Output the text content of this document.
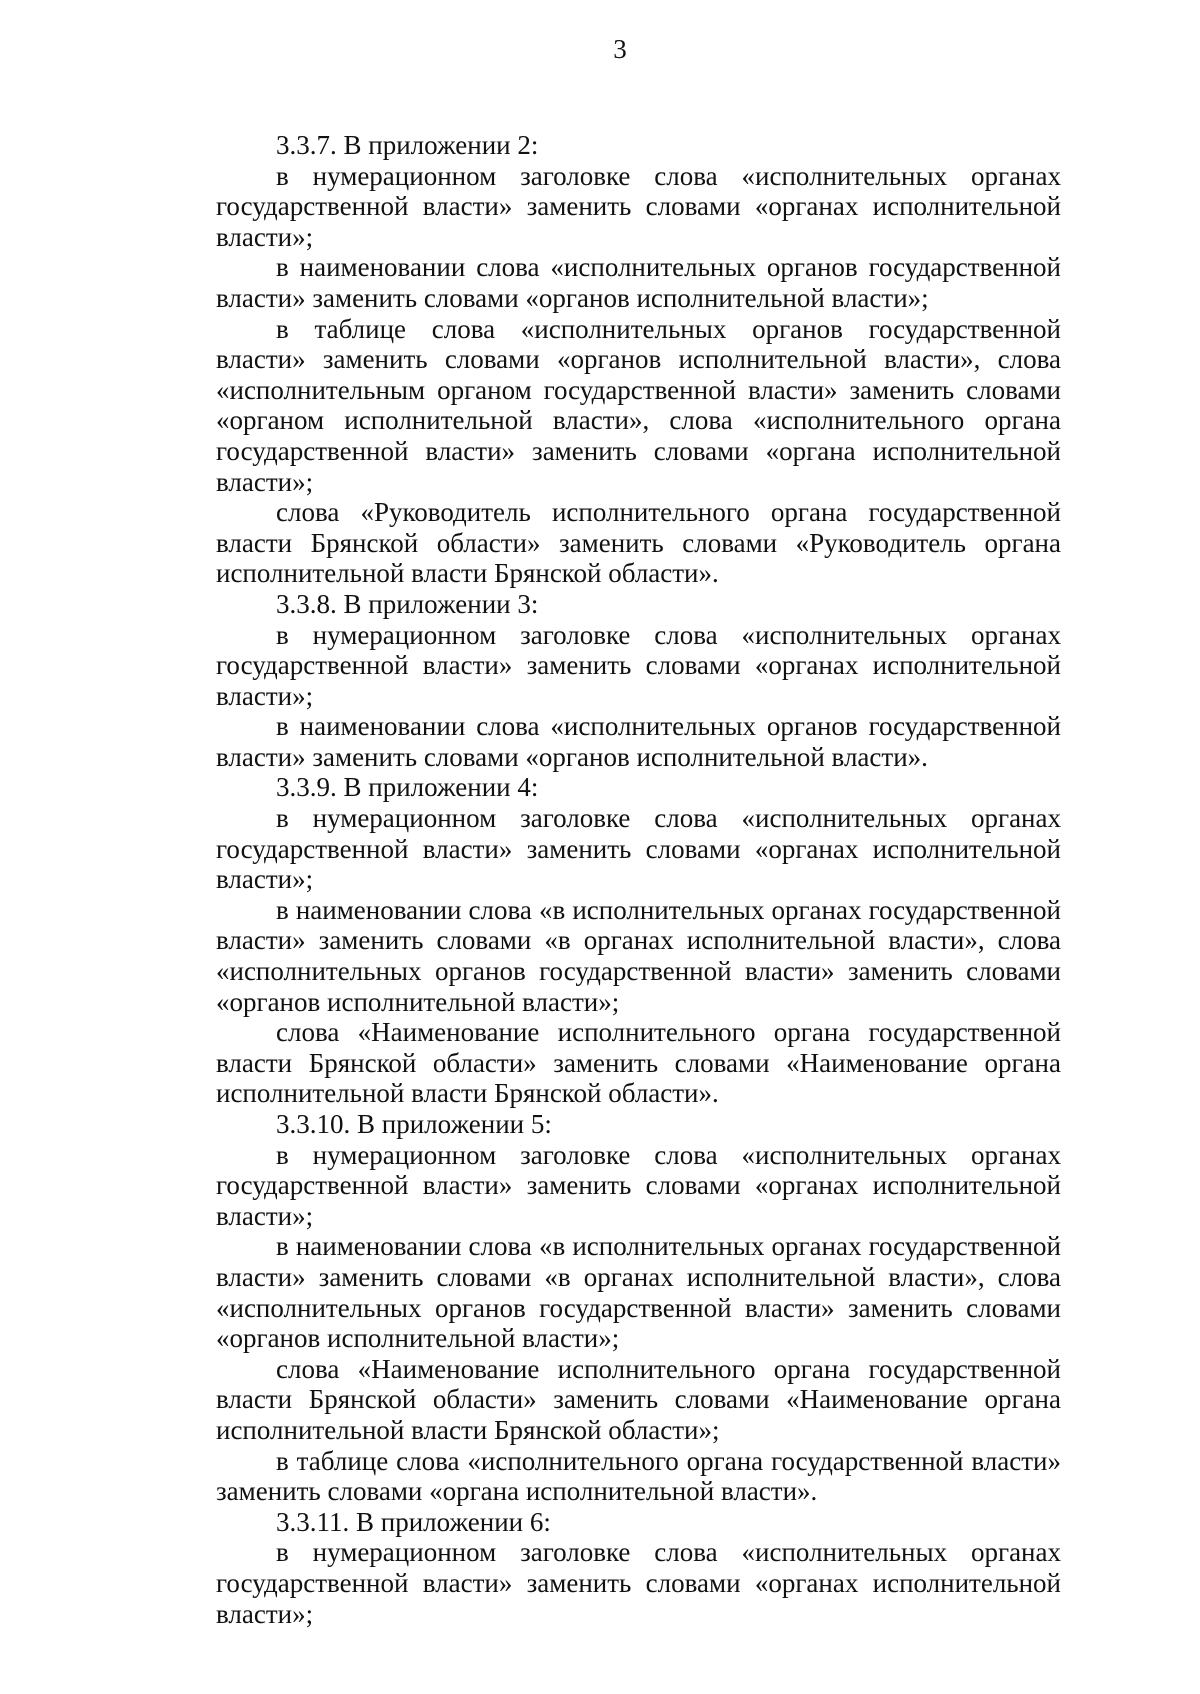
3

3.3.7. В приложении 2:

в нумерационном заголовке слова «исполнительных органах государственной власти» заменить словами «органах исполнительной власти»;

в наименовании слова «исполнительных органов государственной власти» заменить словами «органов исполнительной власти»;

в таблице слова «исполнительных органов государственной власти» заменить словами «органов исполнительной власти», слова «исполнительным органом государственной власти» заменить словами «органом исполнительной власти», слова «исполнительного органа государственной власти» заменить словами «органа исполнительной власти»;

слова «Руководитель исполнительного органа государственной власти Брянской области» заменить словами «Руководитель органа исполнительной власти Брянской области».

3.3.8. В приложении 3:

в нумерационном заголовке слова «исполнительных органах государственной власти» заменить словами «органах исполнительной власти»;

в наименовании слова «исполнительных органов государственной власти» заменить словами «органов исполнительной власти».

3.3.9. В приложении 4:

в нумерационном заголовке слова «исполнительных органах государственной власти» заменить словами «органах исполнительной власти»;

в наименовании слова «в исполнительных органах государственной власти» заменить словами «в органах исполнительной власти», слова «исполнительных органов государственной власти» заменить словами «органов исполнительной власти»;

слова «Наименование исполнительного органа государственной власти Брянской области» заменить словами «Наименование органа исполнительной власти Брянской области».

3.3.10. В приложении 5:

в нумерационном заголовке слова «исполнительных органах государственной власти» заменить словами «органах исполнительной власти»;

в наименовании слова «в исполнительных органах государственной власти» заменить словами «в органах исполнительной власти», слова «исполнительных органов государственной власти» заменить словами «органов исполнительной власти»;

слова «Наименование исполнительного органа государственной власти Брянской области» заменить словами «Наименование органа исполнительной власти Брянской области»;

в таблице слова «исполнительного органа государственной власти» заменить словами «органа исполнительной власти».

3.3.11. В приложении 6:

в нумерационном заголовке слова «исполнительных органах государственной власти» заменить словами «органах исполнительной власти»;
